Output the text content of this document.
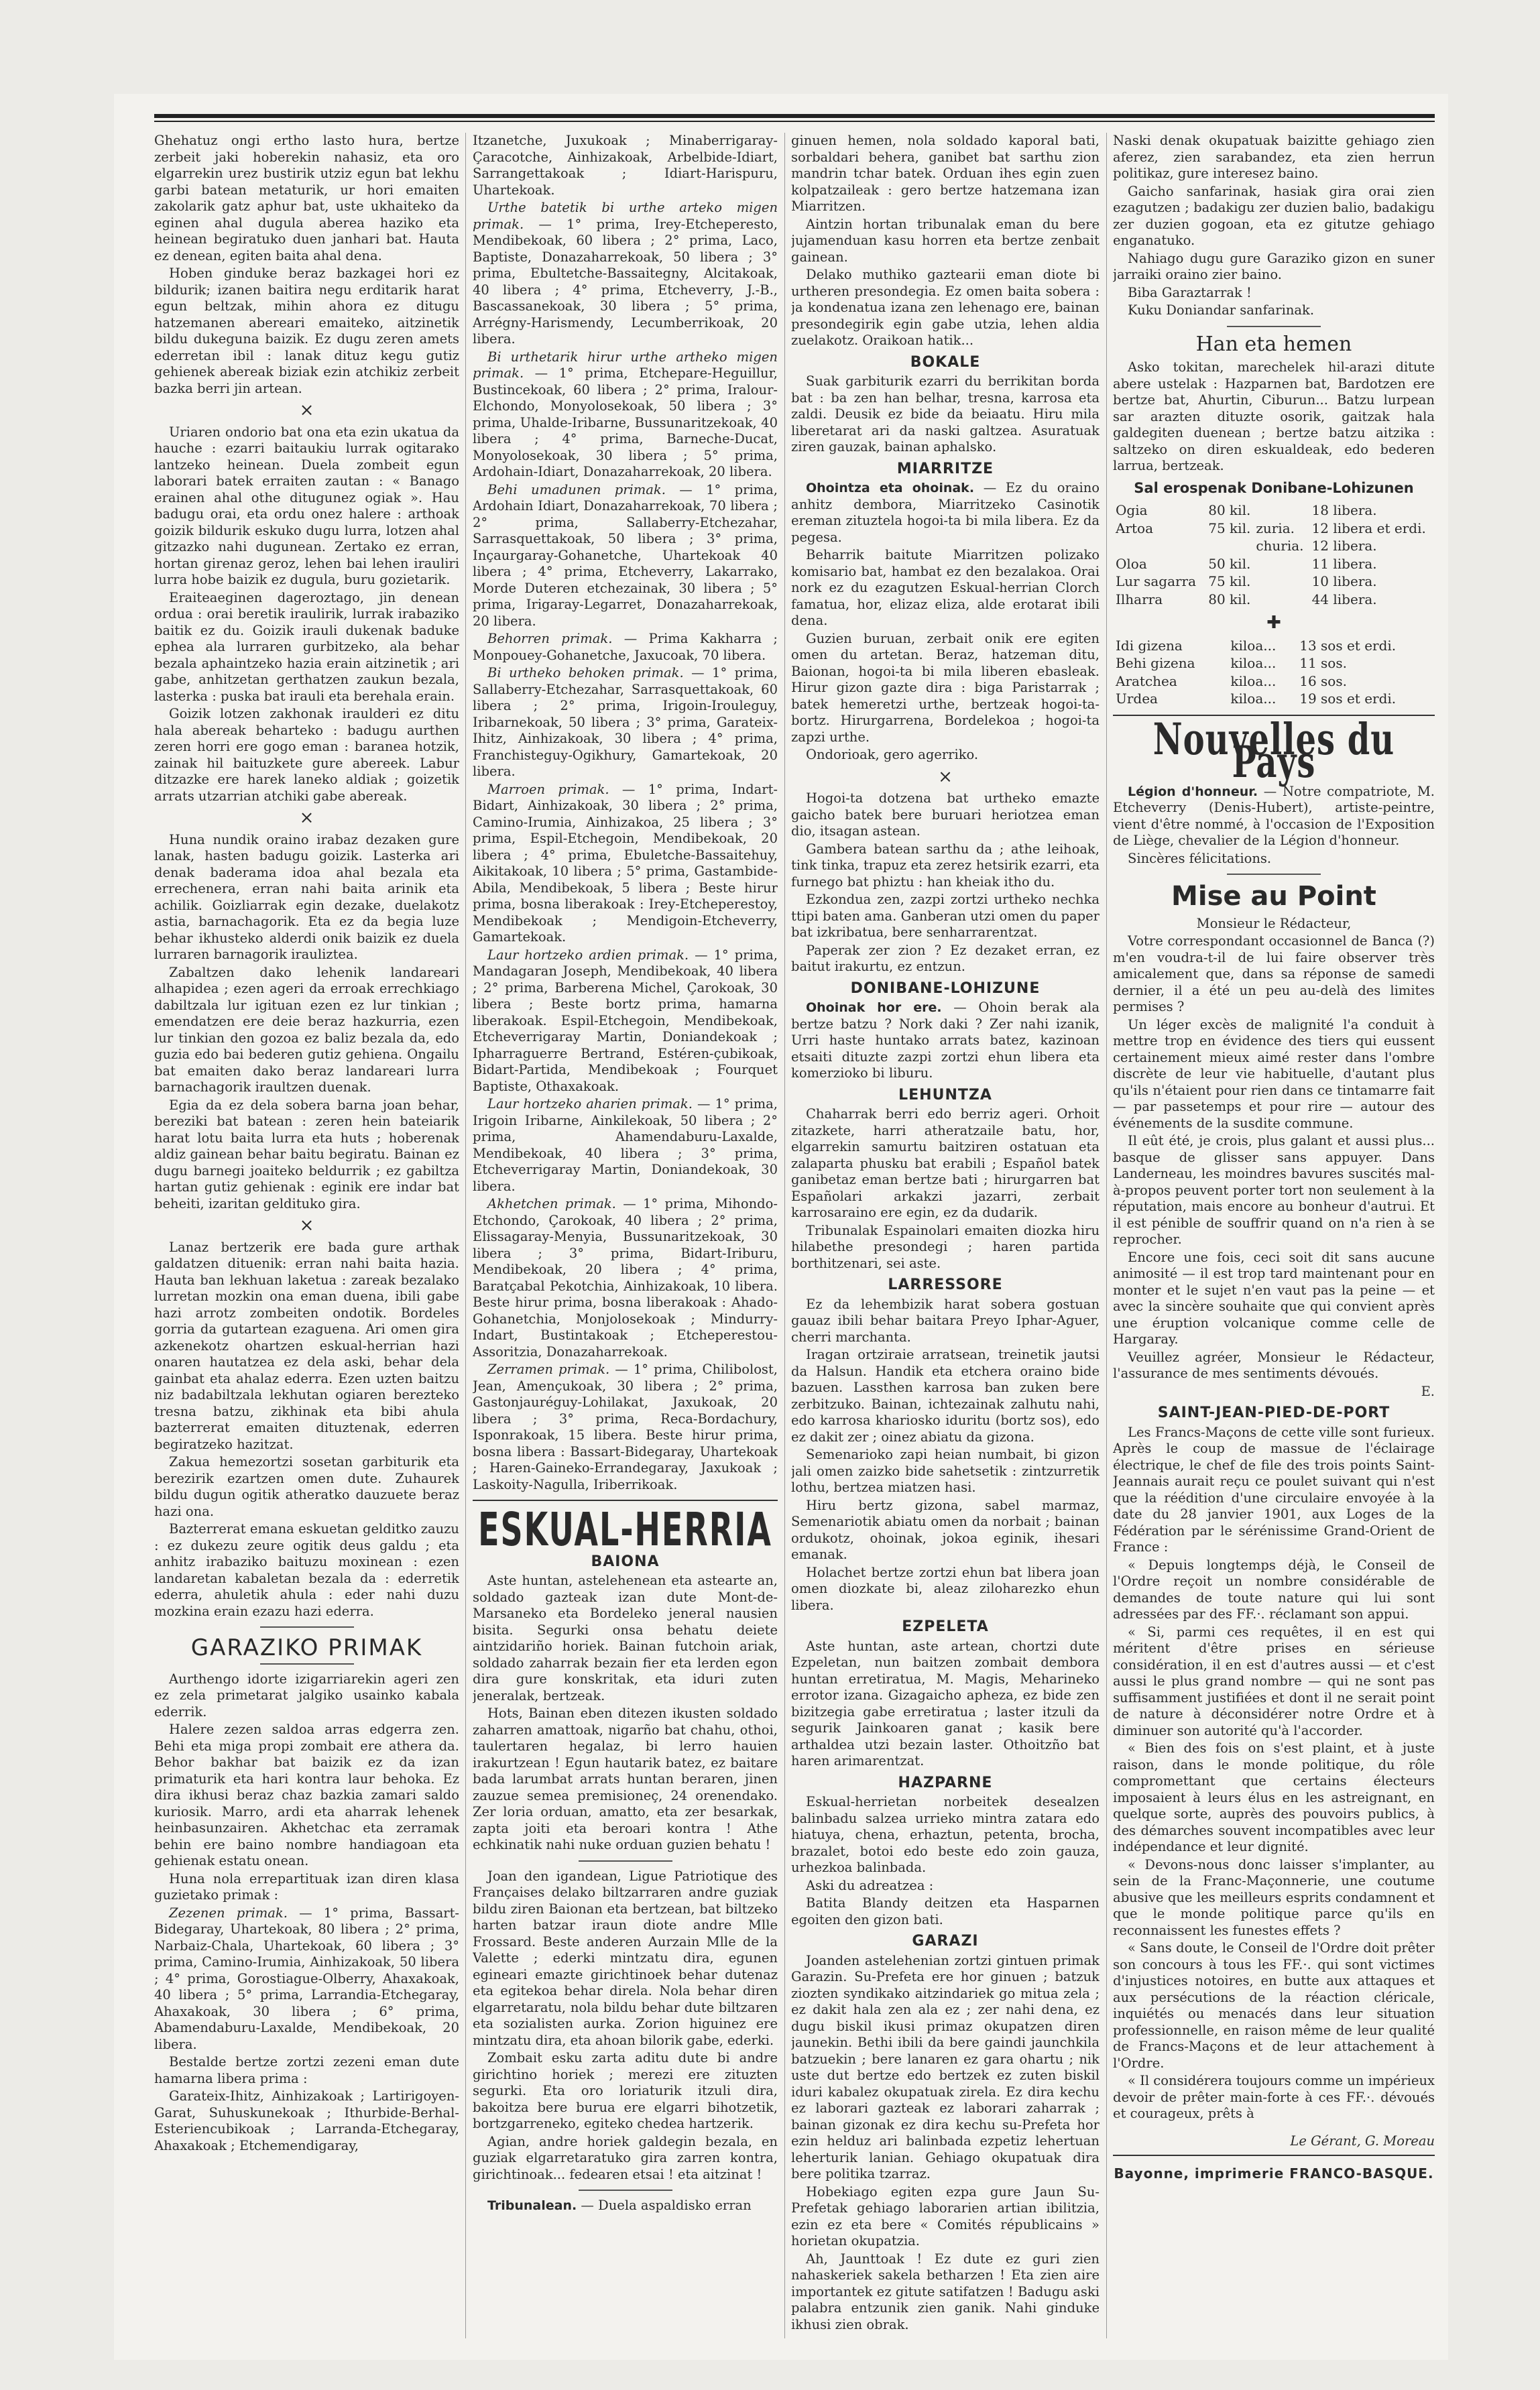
Ghehatuz ongi ertho lasto hura, bertze zerbeit jaki hoberekin nahasiz, eta oro elgarrekin urez bustirik utziz egun bat lekhu garbi batean metaturik, ur hori emaiten zakolarik gatz aphur bat, uste ukhaiteko da eginen ahal dugula aberea haziko eta heinean begiratuko duen janhari bat. Hauta ez denean, egiten baita ahal dena.

Hoben ginduke beraz bazkagei hori ez bildurik; izanen baitira negu erditarik harat egun beltzak, mihin ahora ez ditugu hatzemanen abereari emaiteko, aitzinetik bildu dukeguna baizik. Ez dugu zeren amets ederretan ibil : lanak dituz kegu gutiz gehienek abereak biziak ezin atchikiz zerbeit bazka berri jin artean.

×

Uriaren ondorio bat ona eta ezin ukatua da hauche : ezarri baitaukiu lurrak ogitarako lantzeko heinean. Duela zombeit egun laborari batek erraiten zautan : « Banago erainen ahal othe ditugunez ogiak ». Hau badugu orai, eta ordu onez halere : arthoak goizik bildurik eskuko dugu lurra, lotzen ahal gitzazko nahi dugunean. Zertako ez erran, hortan girenaz geroz, lehen bai lehen irauliri lurra hobe baizik ez dugula, buru gozietarik.

Eraiteaeginen dageroztago, jin denean ordua : orai beretik iraulirik, lurrak irabaziko baitik ez du. Goizik irauli dukenak baduke ephea ala lurraren gurbitzeko, ala behar bezala aphaintzeko hazia erain aitzinetik ; ari gabe, anhitzetan gerthatzen zaukun bezala, lasterka : puska bat irauli eta berehala erain.

Goizik lotzen zakhonak iraulderi ez ditu hala abereak beharteko : badugu aurthen zeren horri ere gogo eman : baranea hotzik, zainak hil baituzkete gure abereek. Labur ditzazke ere harek laneko aldiak ; goizetik arrats utzarrian atchiki gabe abereak.

×

Huna nundik oraino irabaz dezaken gure lanak, hasten badugu goizik. Lasterka ari denak baderama idoa ahal bezala eta errechenera, erran nahi baita arinik eta achilik. Goizliarrak egin dezake, duelakotz astia, barnachagorik. Eta ez da begia luze behar ikhusteko alderdi onik baizik ez duela lurraren barnagorik irauliztea.

Zabaltzen dako lehenik landareari alhapidea ; ezen ageri da erroak errechkiago dabiltzala lur igituan ezen ez lur tinkian ; emendatzen ere deie beraz hazkurria, ezen lur tinkian den gozoa ez baliz bezala da, edo guzia edo bai bederen gutiz gehiena. Ongailu bat emaiten dako beraz landareari lurra barnachagorik iraultzen duenak.

Egia da ez dela sobera barna joan behar, bereziki bat batean : zeren hein bateiarik harat lotu baita lurra eta huts ; hoberenak aldiz gainean behar baitu begiratu. Bainan ez dugu barnegi joaiteko beldurrik ; ez gabiltza hartan gutiz gehienak : eginik ere indar bat beheiti, izaritan geldituko gira.

×

Lanaz bertzerik ere bada gure arthak galdatzen dituenik: erran nahi baita hazia. Hauta ban lekhuan laketua : zareak bezalako lurretan mozkin ona eman duena, ibili gabe hazi arrotz zombeiten ondotik. Bordeles gorria da gutartean ezaguena. Ari omen gira azkenekotz ohartzen eskual-herrian hazi onaren hautatzea ez dela aski, behar dela gainbat eta ahalaz ederra. Ezen uzten baitzu niz badabiltzala lekhutan ogiaren berezteko tresna batzu, zikhinak eta bibi ahula bazterrerat emaiten dituztenak, ederren begiratzeko hazitzat.

Zakua hemezortzi sosetan garbiturik eta berezirik ezartzen omen dute. Zuhaurek bildu dugun ogitik atheratko dauzuete beraz hazi ona.

Bazterrerat emana eskuetan gelditko zauzu : ez dukezu zeure ogitik deus galdu ; eta anhitz irabaziko baituzu moxinean : ezen landaretan kabaletan bezala da : ederretik ederra, ahuletik ahula : eder nahi duzu mozkina erain ezazu hazi ederra.

GARAZIKO PRIMAK

Aurthengo idorte izigarriarekin ageri zen ez zela primetarat jalgiko usainko kabala ederrik.

Halere zezen saldoa arras edgerra zen. Behi eta miga propi zombait ere athera da. Behor bakhar bat baizik ez da izan primaturik eta hari kontra laur behoka. Ez dira ikhusi beraz chaz bazkia zamari saldo kuriosik. Marro, ardi eta aharrak lehenek heinbasunzairen. Akhetchac eta zerramak behin ere baino nombre handiagoan eta gehienak estatu onean.

Huna nola errepartituak izan diren klasa guzietako primak :

Zezenen primak. — 1° prima, Bassart-Bidegaray, Uhartekoak, 80 libera ; 2° prima, Narbaiz-Chala, Uhartekoak, 60 libera ; 3° prima, Camino-Irumia, Ainhizakoak, 50 libera ; 4° prima, Gorostiague-Olberry, Ahaxakoak, 40 libera ; 5° prima, Larrandia-Etchegaray, Ahaxakoak, 30 libera ; 6° prima, Abamendaburu-Laxalde, Mendibekoak, 20 libera.

Bestalde bertze zortzi zezeni eman dute hamarna libera prima :

Garateix-Ihitz, Ainhizakoak ; Lartirigoyen-Garat, Suhuskunekoak ; Ithurbide-Berhal-Esteriencubikoak ; Larranda-Etchegaray, Ahaxakoak ; Etchemendigaray,

Itzanetche, Juxukoak ; Minaberrigaray-Çaracotche, Ainhizakoak, Arbelbide-Idiart, Sarrangettakoak ; Idiart-Harispuru, Uhartekoak.

Urthe batetik bi urthe arteko migen primak. — 1° prima, Irey-Etcheperesto, Mendibekoak, 60 libera ; 2° prima, Laco, Baptiste, Donazaharrekoak, 50 libera ; 3° prima, Ebultetche-Bassaitegny, Alcitakoak, 40 libera ; 4° prima, Etcheverry, J.-B., Bascassanekoak, 30 libera ; 5° prima, Arrégny-Harismendy, Lecumberrikoak, 20 libera.

Bi urthetarik hirur urthe artheko migen primak. — 1° prima, Etchepare-Heguillur, Bustincekoak, 60 libera ; 2° prima, Iralour-Elchondo, Monyolosekoak, 50 libera ; 3° prima, Uhalde-Iribarne, Bussunaritzekoak, 40 libera ; 4° prima, Barneche-Ducat, Monyolosekoak, 30 libera ; 5° prima, Ardohain-Idiart, Donazaharrekoak, 20 libera.

Behi umadunen primak. — 1° prima, Ardohain Idiart, Donazaharrekoak, 70 libera ; 2° prima, Sallaberry-Etchezahar, Sarrasquettakoak, 50 libera ; 3° prima, Inçaurgaray-Gohanetche, Uhartekoak 40 libera ; 4° prima, Etcheverry, Lakarrako, Morde Duteren etchezainak, 30 libera ; 5° prima, Irigaray-Legarret, Donazaharrekoak, 20 libera.

Behorren primak. — Prima Kakharra ; Monpouey-Gohanetche, Jaxucoak, 70 libera.

Bi urtheko behoken primak. — 1° prima, Sallaberry-Etchezahar, Sarrasquettakoak, 60 libera ; 2° prima, Irigoin-Irouleguy, Iribarnekoak, 50 libera ; 3° prima, Garateix-Ihitz, Ainhizakoak, 30 libera ; 4° prima, Franchisteguy-Ogikhury, Gamartekoak, 20 libera.

Marroen primak. — 1° prima, Indart-Bidart, Ainhizakoak, 30 libera ; 2° prima, Camino-Irumia, Ainhizakoa, 25 libera ; 3° prima, Espil-Etchegoin, Mendibekoak, 20 libera ; 4° prima, Ebuletche-Bassaitehuy, Aikitakoak, 10 libera ; 5° prima, Gastambide-Abila, Mendibekoak, 5 libera ; Beste hirur prima, bosna liberakoak : Irey-Etcheperestoy, Mendibekoak ; Mendigoin-Etcheverry, Gamartekoak.

Laur hortzeko ardien primak. — 1° prima, Mandagaran Joseph, Mendibekoak, 40 libera ; 2° prima, Barberena Michel, Çarokoak, 30 libera ; Beste bortz prima, hamarna liberakoak. Espil-Etchegoin, Mendibekoak, Etcheverrigaray Martin, Doniandekoak ; Ipharraguerre Bertrand, Estéren-çubikoak, Bidart-Partida, Mendibekoak ; Fourquet Baptiste, Othaxakoak.

Laur hortzeko aharien primak. — 1° prima, Irigoin Iribarne, Ainkilekoak, 50 libera ; 2° prima, Ahamendaburu-Laxalde, Mendibekoak, 40 libera ; 3° prima, Etcheverrigaray Martin, Doniandekoak, 30 libera.

Akhetchen primak. — 1° prima, Mihondo-Etchondo, Çarokoak, 40 libera ; 2° prima, Elissagaray-Menyia, Bussunaritzekoak, 30 libera ; 3° prima, Bidart-Iriburu, Mendibekoak, 20 libera ; 4° prima, Baratçabal Pekotchia, Ainhizakoak, 10 libera. Beste hirur prima, bosna liberakoak : Ahado-Gohanetchia, Monjolosekoak ; Mindurry-Indart, Bustintakoak ; Etcheperestou-Assoritzia, Donazaharrekoak.

Zerramen primak. — 1° prima, Chilibolost, Jean, Amençukoak, 30 libera ; 2° prima, Gastonjauréguy-Lohilakat, Jaxukoak, 20 libera ; 3° prima, Reca-Bordachury, Isponrakoak, 15 libera. Beste hirur prima, bosna libera : Bassart-Bidegaray, Uhartekoak ; Haren-Gaineko-Errandegaray, Jaxukoak ; Laskoity-Nagulla, Iriberrikoak.

ESKUAL-HERRIA

BAIONA

Aste huntan, astelehenean eta astearte an, soldado gazteak izan dute Mont-de-Marsaneko eta Bordeleko jeneral nausien bisita. Segurki onsa behatu deiete aintzidariño horiek. Bainan futchoin ariak, soldado zaharrak bezain fier eta lerden egon dira gure konskritak, eta iduri zuten jeneralak, bertzeak.

Hots, Bainan eben ditezen ikusten soldado zaharren amattoak, nigarño bat chahu, othoi, taulertaren hegalaz, bi lerro hauien irakurtzean ! Egun hautarik batez, ez baitare bada larumbat arrats huntan beraren, jinen zauzue semea premisioneç, 24 orenendako. Zer loria orduan, amatto, eta zer besarkak, zapta joiti eta beroari kontra ! Athe echkinatik nahi nuke orduan guzien behatu !

Joan den igandean, Ligue Patriotique des Françaises delako biltzarraren andre guziak bildu ziren Baionan eta bertzean, bat biltzeko harten batzar iraun diote andre Mlle Frossard. Beste anderen Aurzain Mlle de la Valette ; ederki mintzatu dira, egunen egineari emazte girichtinoek behar dutenaz eta egitekoa behar direla. Nola behar diren elgarretaratu, nola bildu behar dute biltzaren eta sozialisten aurka. Zorion higuinez ere mintzatu dira, eta ahoan bilorik gabe, ederki.

Zombait esku zarta aditu dute bi andre girichtino horiek ; merezi ere zituzten segurki. Eta oro loriaturik itzuli dira, bakoitza bere burua ere elgarri bihotzetik, bortzgarreneko, egiteko chedea hartzerik.

Agian, andre horiek galdegin bezala, en guziak elgarretaratuko gira zarren kontra, girichtinoak... fedearen etsai ! eta aitzinat !

Tribunalean. — Duela aspaldisko erran

ginuen hemen, nola soldado kaporal bati, sorbaldari behera, ganibet bat sarthu zion mandrin tchar batek. Orduan ihes egin zuen kolpatzaileak : gero bertze hatzemana izan Miarritzen.

Aintzin hortan tribunalak eman du bere jujamenduan kasu horren eta bertze zenbait gainean.

Delako muthiko gaztearii eman diote bi urtheren presondegia. Ez omen baita sobera : ja kondenatua izana zen lehenago ere, bainan presondegirik egin gabe utzia, lehen aldia zuelakotz. Oraikoan hatik...

BOKALE

Suak garbiturik ezarri du berrikitan borda bat : ba zen han belhar, tresna, karrosa eta zaldi. Deusik ez bide da beiaatu. Hiru mila liberetarat ari da naski galtzea. Asuratuak ziren gauzak, bainan aphalsko.

MIARRITZE

Ohointza eta ohoinak. — Ez du oraino anhitz dembora, Miarritzeko Casinotik ereman zituztela hogoi-ta bi mila libera. Ez da pegesa.

Beharrik baitute Miarritzen polizako komisario bat, hambat ez den bezalakoa. Orai nork ez du ezagutzen Eskual-herrian Clorch famatua, hor, elizaz eliza, alde erotarat ibili dena.

Guzien buruan, zerbait onik ere egiten omen du artetan. Beraz, hatzeman ditu, Baionan, hogoi-ta bi mila liberen ebasleak. Hirur gizon gazte dira : biga Paristarrak ; batek hemeretzi urthe, bertzeak hogoi-ta-bortz. Hirurgarrena, Bordelekoa ; hogoi-ta zapzi urthe.

Ondorioak, gero agerriko.

×

Hogoi-ta dotzena bat urtheko emazte gaicho batek bere buruari heriotzea eman dio, itsagan astean.

Gambera batean sarthu da ; athe leihoak, tink tinka, trapuz eta zerez hetsirik ezarri, eta furnego bat phiztu : han kheiak itho du.

Ezkondua zen, zazpi zortzi urtheko nechka ttipi baten ama. Ganberan utzi omen du paper bat izkribatua, bere senharrarentzat.

Paperak zer zion ? Ez dezaket erran, ez baitut irakurtu, ez entzun.

DONIBANE-LOHIZUNE

Ohoinak hor ere. — Ohoin berak ala bertze batzu ? Nork daki ? Zer nahi izanik, Urri haste huntako arrats batez, kazinoan etsaiti dituzte zazpi zortzi ehun libera eta komerzioko bi liburu.

LEHUNTZA

Chaharrak berri edo berriz ageri. Orhoit zitazkete, harri atheratzaile batu, hor, elgarrekin samurtu baitziren ostatuan eta zalaparta phusku bat erabili ; Español batek ganibetaz eman bertze bati ; hirurgarren bat Españolari arkakzi jazarri, zerbait karrosaraino ere egin, ez da dudarik.

Tribunalak Espainolari emaiten diozka hiru hilabethe presondegi ; haren partida borthitzenari, sei aste.

LARRESSORE

Ez da lehembizik harat sobera gostuan gauaz ibili behar baitara Preyo Iphar-Aguer, cherri marchanta.

Iragan ortziraie arratsean, treinetik jautsi da Halsun. Handik eta etchera oraino bide bazuen. Lassthen karrosa ban zuken bere zerbitzuko. Bainan, ichtezainak zalhutu nahi, edo karrosa khariosko iduritu (bortz sos), edo ez dakit zer ; oinez abiatu da gizona.

Semenarioko zapi heian numbait, bi gizon jali omen zaizko bide sahetsetik : zintzurretik lothu, bertzea miatzen hasi.

Hiru bertz gizona, sabel marmaz, Semenariotik abiatu omen da norbait ; bainan ordukotz, ohoinak, jokoa eginik, ihesari emanak.

Holachet bertze zortzi ehun bat libera joan omen diozkate bi, aleaz ziloharezko ehun libera.

EZPELETA

Aste huntan, aste artean, chortzi dute Ezpeletan, nun baitzen zombait dembora huntan erretiratua, M. Magis, Meharineko errotor izana. Gizagaicho apheza, ez bide zen bizitzegia gabe erretiratua ; laster itzuli da segurik Jainkoaren ganat ; kasik bere arthaldea utzi bezain laster. Othoitzño bat haren arimarentzat.

HAZPARNE

Eskual-herrietan norbeitek desealzen balinbadu salzea urrieko mintra zatara edo hiatuya, chena, erhaztun, petenta, brocha, brazalet, botoi edo beste edo zoin gauza, urhezkoa balinbada.

Aski du adreatzea :

Batita Blandy deitzen eta Hasparnen egoiten den gizon bati.

GARAZI

Joanden astelehenian zortzi gintuen primak Garazin. Su-Prefeta ere hor ginuen ; batzuk ziozten syndikako aitzindariek go mitua zela ; ez dakit hala zen ala ez ; zer nahi dena, ez dugu biskil ikusi primaz okupatzen diren jaunekin. Bethi ibili da bere gaindi jaunchkila batzuekin ; bere lanaren ez gara ohartu ; nik uste dut bertze edo bertzek ez zuten biskil iduri kabalez okupatuak zirela. Ez dira kechu ez laborari gazteak ez laborari zaharrak ; bainan gizonak ez dira kechu su-Prefeta hor ezin helduz ari balinbada ezpetiz lehertuan leherturik lanian. Gehiago okupatuak dira bere politika tzarraz.

Hobekiago egiten ezpa gure Jaun Su-Prefetak gehiago laborarien artian ibilitzia, ezin ez eta bere « Comités républicains » horietan okupatzia.

Ah, Jaunttoak ! Ez dute ez guri zien nahaskeriek sakela betharzen ! Eta zien aire importantek ez gitute satifatzen ! Badugu aski palabra entzunik zien ganik. Nahi ginduke ikhusi zien obrak.

Naski denak okupatuak baizitte gehiago zien aferez, zien sarabandez, eta zien herrun politikaz, gure interesez baino.

Gaicho sanfarinak, hasiak gira orai zien ezagutzen ; badakigu zer duzien balio, badakigu zer duzien gogoan, eta ez gitutze gehiago enganatuko.

Nahiago dugu gure Garaziko gizon en suner jarraiki oraino zier baino.

Biba Garaztarrak !

Kuku Doniandar sanfarinak.

Han eta hemen

Asko tokitan, marechelek hil-arazi ditute abere ustelak : Hazparnen bat, Bardotzen ere bertze bat, Ahurtin, Ciburun... Batzu lurpean sar arazten dituzte osorik, gaitzak hala galdegiten duenean ; bertze batzu aitzika : saltzeko on diren eskualdeak, edo bederen larrua, bertzeak.

Sal erospenak Donibane-Lohizunen

Ogia	80 kil.		18 libera.
Artoa	75 kil.	zuria.	12 libera et erdi.
		churia.	12 libera.
Oloa	50 kil.		11 libera.
Lur sagarra	75 kil.		10 libera.
Ilharra	80 kil.		44 libera.

✚

Idi gizena	kiloa...	13 sos et erdi.
Behi gizena	kiloa...	11 sos.
Aratchea	kiloa...	16 sos.
Urdea	kiloa...	19 sos et erdi.

Nouvelles du Pays

Légion d'honneur. — Notre compatriote, M. Etcheverry (Denis-Hubert), artiste-peintre, vient d'être nommé, à l'occasion de l'Exposition de Liège, chevalier de la Légion d'honneur.

Sincères félicitations.

Mise au Point

Monsieur le Rédacteur,

Votre correspondant occasionnel de Banca (?) m'en voudra-t-il de lui faire observer très amicalement que, dans sa réponse de samedi dernier, il a été un peu au-delà des limites permises ?

Un léger excès de malignité l'a conduit à mettre trop en évidence des tiers qui eussent certainement mieux aimé rester dans l'ombre discrète de leur vie habituelle, d'autant plus qu'ils n'étaient pour rien dans ce tintamarre fait — par passetemps et pour rire — autour des événements de la susdite commune.

Il eût été, je crois, plus galant et aussi plus... basque de glisser sans appuyer. Dans Landerneau, les moindres bavures suscités mal-à-propos peuvent porter tort non seulement à la réputation, mais encore au bonheur d'autrui. Et il est pénible de souffrir quand on n'a rien à se reprocher.

Encore une fois, ceci soit dit sans aucune animosité — il est trop tard maintenant pour en monter et le sujet n'en vaut pas la peine — et avec la sincère souhaite que qui convient après une éruption volcanique comme celle de Hargaray.

Veuillez agréer, Monsieur le Rédacteur, l'assurance de mes sentiments dévoués.

E.

SAINT-JEAN-PIED-DE-PORT

Les Francs-Maçons de cette ville sont furieux. Après le coup de massue de l'éclairage électrique, le chef de file des trois points Saint-Jeannais aurait reçu ce poulet suivant qui n'est que la réédition d'une circulaire envoyée à la date du 28 janvier 1901, aux Loges de la Fédération par le sérénissime Grand-Orient de France :

« Depuis longtemps déjà, le Conseil de l'Ordre reçoit un nombre considérable de demandes de toute nature qui lui sont adressées par des FF.·. réclamant son appui.

« Si, parmi ces requêtes, il en est qui méritent d'être prises en sérieuse considération, il en est d'autres aussi — et c'est aussi le plus grand nombre — qui ne sont pas suffisamment justifiées et dont il ne serait point de nature à déconsidérer notre Ordre et à diminuer son autorité qu'à l'accorder.

« Bien des fois on s'est plaint, et à juste raison, dans le monde politique, du rôle compromettant que certains électeurs imposaient à leurs élus en les astreignant, en quelque sorte, auprès des pouvoirs publics, à des démarches souvent incompatibles avec leur indépendance et leur dignité.

« Devons-nous donc laisser s'implanter, au sein de la Franc-Maçonnerie, une coutume abusive que les meilleurs esprits condamnent et que le monde politique parce qu'ils en reconnaissent les funestes effets ?

« Sans doute, le Conseil de l'Ordre doit prêter son concours à tous les FF.·. qui sont victimes d'injustices notoires, en butte aux attaques et aux persécutions de la réaction cléricale, inquiétés ou menacés dans leur situation professionnelle, en raison même de leur qualité de Francs-Maçons et de leur attachement à l'Ordre.

« Il considérera toujours comme un impérieux devoir de prêter main-forte à ces FF.·. dévoués et courageux, prêts à

Le Gérant, G. Moreau

Bayonne, imprimerie FRANCO-BASQUE.
